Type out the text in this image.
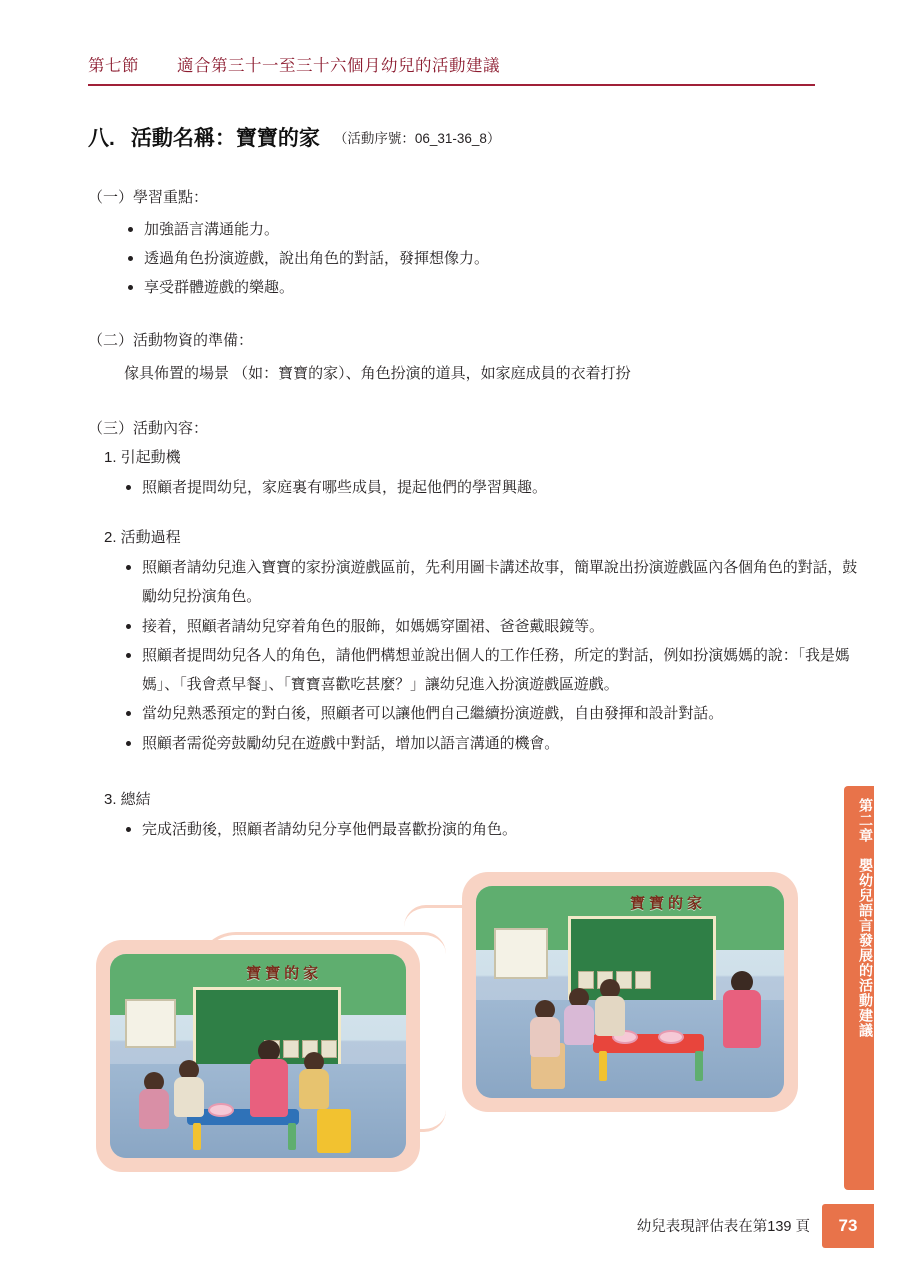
第七節 適合第三十一至三十六個月幼兒的活動建議
八. 活動名稱：寶寶的家 （活動序號：06_31-36_8）
（一）學習重點：
加強語言溝通能力。
透過角色扮演遊戲，說出角色的對話，發揮想像力。
享受群體遊戲的樂趣。
（二）活動物資的準備：
傢具佈置的場景 （如：寶寶的家）、角色扮演的道具，如家庭成員的衣着打扮
（三）活動內容：
1. 引起動機
照顧者提問幼兒，家庭裏有哪些成員，提起他們的學習興趣。
2. 活動過程
照顧者請幼兒進入寶寶的家扮演遊戲區前，先利用圖卡講述故事，簡單說出扮演遊戲區內各個角色的對話，鼓勵幼兒扮演角色。
接着，照顧者請幼兒穿着角色的服飾，如媽媽穿圍裙、爸爸戴眼鏡等。
照顧者提問幼兒各人的角色，請他們構想並說出個人的工作任務，所定的對話，例如扮演媽媽的說：「我是媽媽」、「我會煮早餐」、「寶寶喜歡吃甚麼？」讓幼兒進入扮演遊戲區遊戲。
當幼兒熟悉預定的對白後，照顧者可以讓他們自己繼續扮演遊戲，自由發揮和設計對話。
照顧者需從旁鼓勵幼兒在遊戲中對話，增加以語言溝通的機會。
3. 總結
完成活動後，照顧者請幼兒分享他們最喜歡扮演的角色。
寶寶的家
寶寶的家	第二章　嬰幼兒語言發展的活動建議
幼兒表現評估表在第139 頁	73
